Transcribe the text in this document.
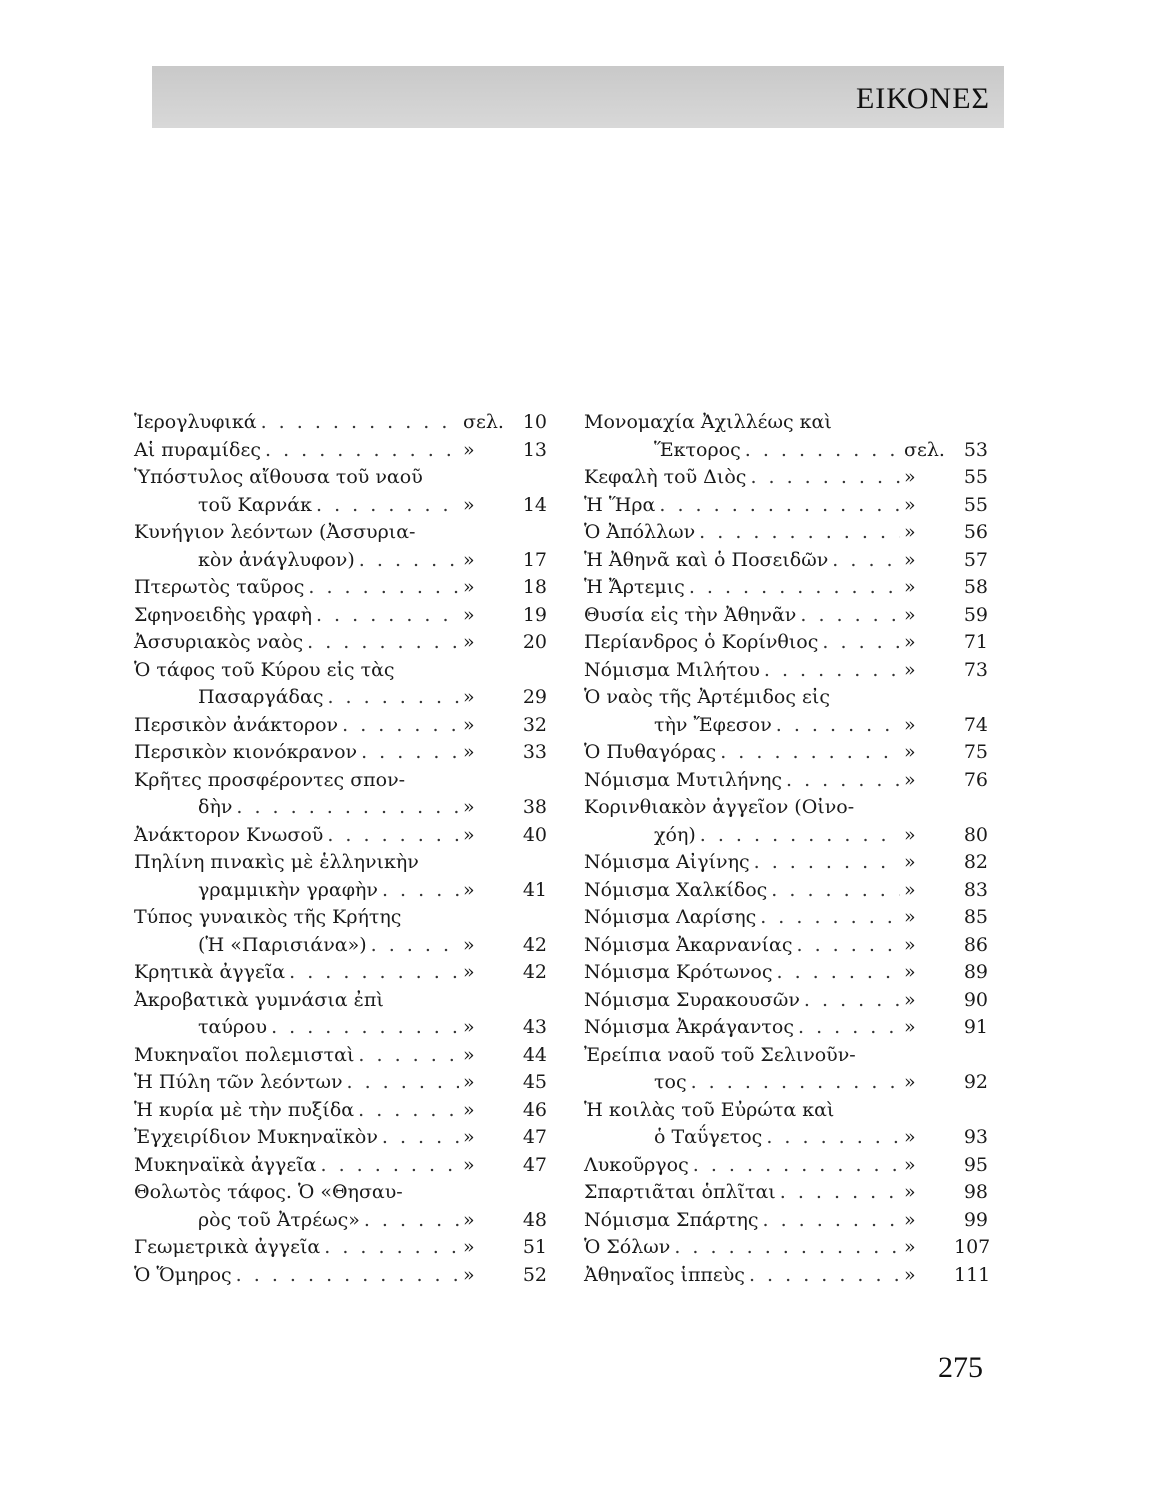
ΕΙΚΟΝΕΣ
Ἱερογλυφικά . . .	σελ. 10
Αἱ πυραμίδες . . .	»	13
Ὑπόστυλος αἴθουσα τοῦ ναοῦ
τοῦ Καρνάκ . . .	»	14
Κυνήγιον λεόντων (Ἀσσυρια-
κὸν ἀνάγλυφον) . . .	»	17
Πτερωτὸς ταῦρος . . .	»	18
Σφηνοειδὴς γραφὴ . . .	»	19
Ἀσσυριακὸς ναὸς . . .	»	20
Ὁ τάφος τοῦ Κύρου εἰς τὰς
Πασαργάδας . . .	»	29
Περσικὸν ἀνάκτορον . . .	»	32
Περσικὸν κιονόκρανον . . .	»	33
Κρῆτες προσφέροντες σπον-
δὴν . . .	»	38
Ἀνάκτορον Κνωσοῦ . . .	»	40
Πηλίνη πινακὶς μὲ ἑλληνικὴν
γραμμικὴν γραφὴν . . .	»	41
Τύπος γυναικὸς τῆς Κρήτης
(Ἡ «Παρισιάνα») . . .	»	42
Κρητικὰ ἀγγεῖα . . .	»	42
Ἀκροβατικὰ γυμνάσια ἐπὶ
ταύρου . . .	»	43
Μυκηναῖοι πολεμισταὶ . . .	»	44
Ἡ Πύλη τῶν λεόντων . . .	»	45
Ἡ κυρία μὲ τὴν πυξίδα . . .	»	46
Ἐγχειρίδιον Μυκηναϊκὸν . . .	»	47
Μυκηναϊκὰ ἀγγεῖα . . .	»	47
Θολωτὸς τάφος. Ὁ «Θησαυ-
ρὸς τοῦ Ἀτρέως» . . .	»	48
Γεωμετρικὰ ἀγγεῖα . . .	»	51
Ὁ Ὅμηρος . . .	»	52
Μονομαχία Ἀχιλλέως καὶ
Ἕκτορος . . .	σελ. 53
Κεφαλὴ τοῦ Διὸς . . .	»	55
Ἡ Ἥρα . . .	»	55
Ὁ Ἀπόλλων . . .	»	56
Ἡ Ἀθηνᾶ καὶ ὁ Ποσειδῶν . . .	»	57
Ἡ Ἄρτεμις . . .	»	58
Θυσία εἰς τὴν Ἀθηνᾶν . . .	»	59
Περίανδρος ὁ Κορίνθιος . . .	»	71
Νόμισμα Μιλήτου . . .	»	73
Ὁ ναὸς τῆς Ἀρτέμιδος εἰς
τὴν Ἔφεσον . . .	»	74
Ὁ Πυθαγόρας . . .	»	75
Νόμισμα Μυτιλήνης . . .	»	76
Κορινθιακὸν ἀγγεῖον (Οἰνο-
χόη) . . .	»	80
Νόμισμα Αἰγίνης . . .	»	82
Νόμισμα Χαλκίδος . . .	»	83
Νόμισμα Λαρίσης . . .	»	85
Νόμισμα Ἀκαρνανίας . . .	»	86
Νόμισμα Κρότωνος . . .	»	89
Νόμισμα Συρακουσῶν . . .	»	90
Νόμισμα Ἀκράγαντος . . .	»	91
Ἐρείπια ναοῦ τοῦ Σελινοῦν-
τος . . .	»	92
Ἡ κοιλὰς τοῦ Εὐρώτα καὶ
ὁ Ταΰγετος . . .	»	93
Λυκοῦργος . . .	»	95
Σπαρτιᾶται ὁπλῖται . . .	»	98
Νόμισμα Σπάρτης . . .	»	99
Ὁ Σόλων . . .	»	107
Ἀθηναῖος ἱππεὺς . . .	»	111
275
